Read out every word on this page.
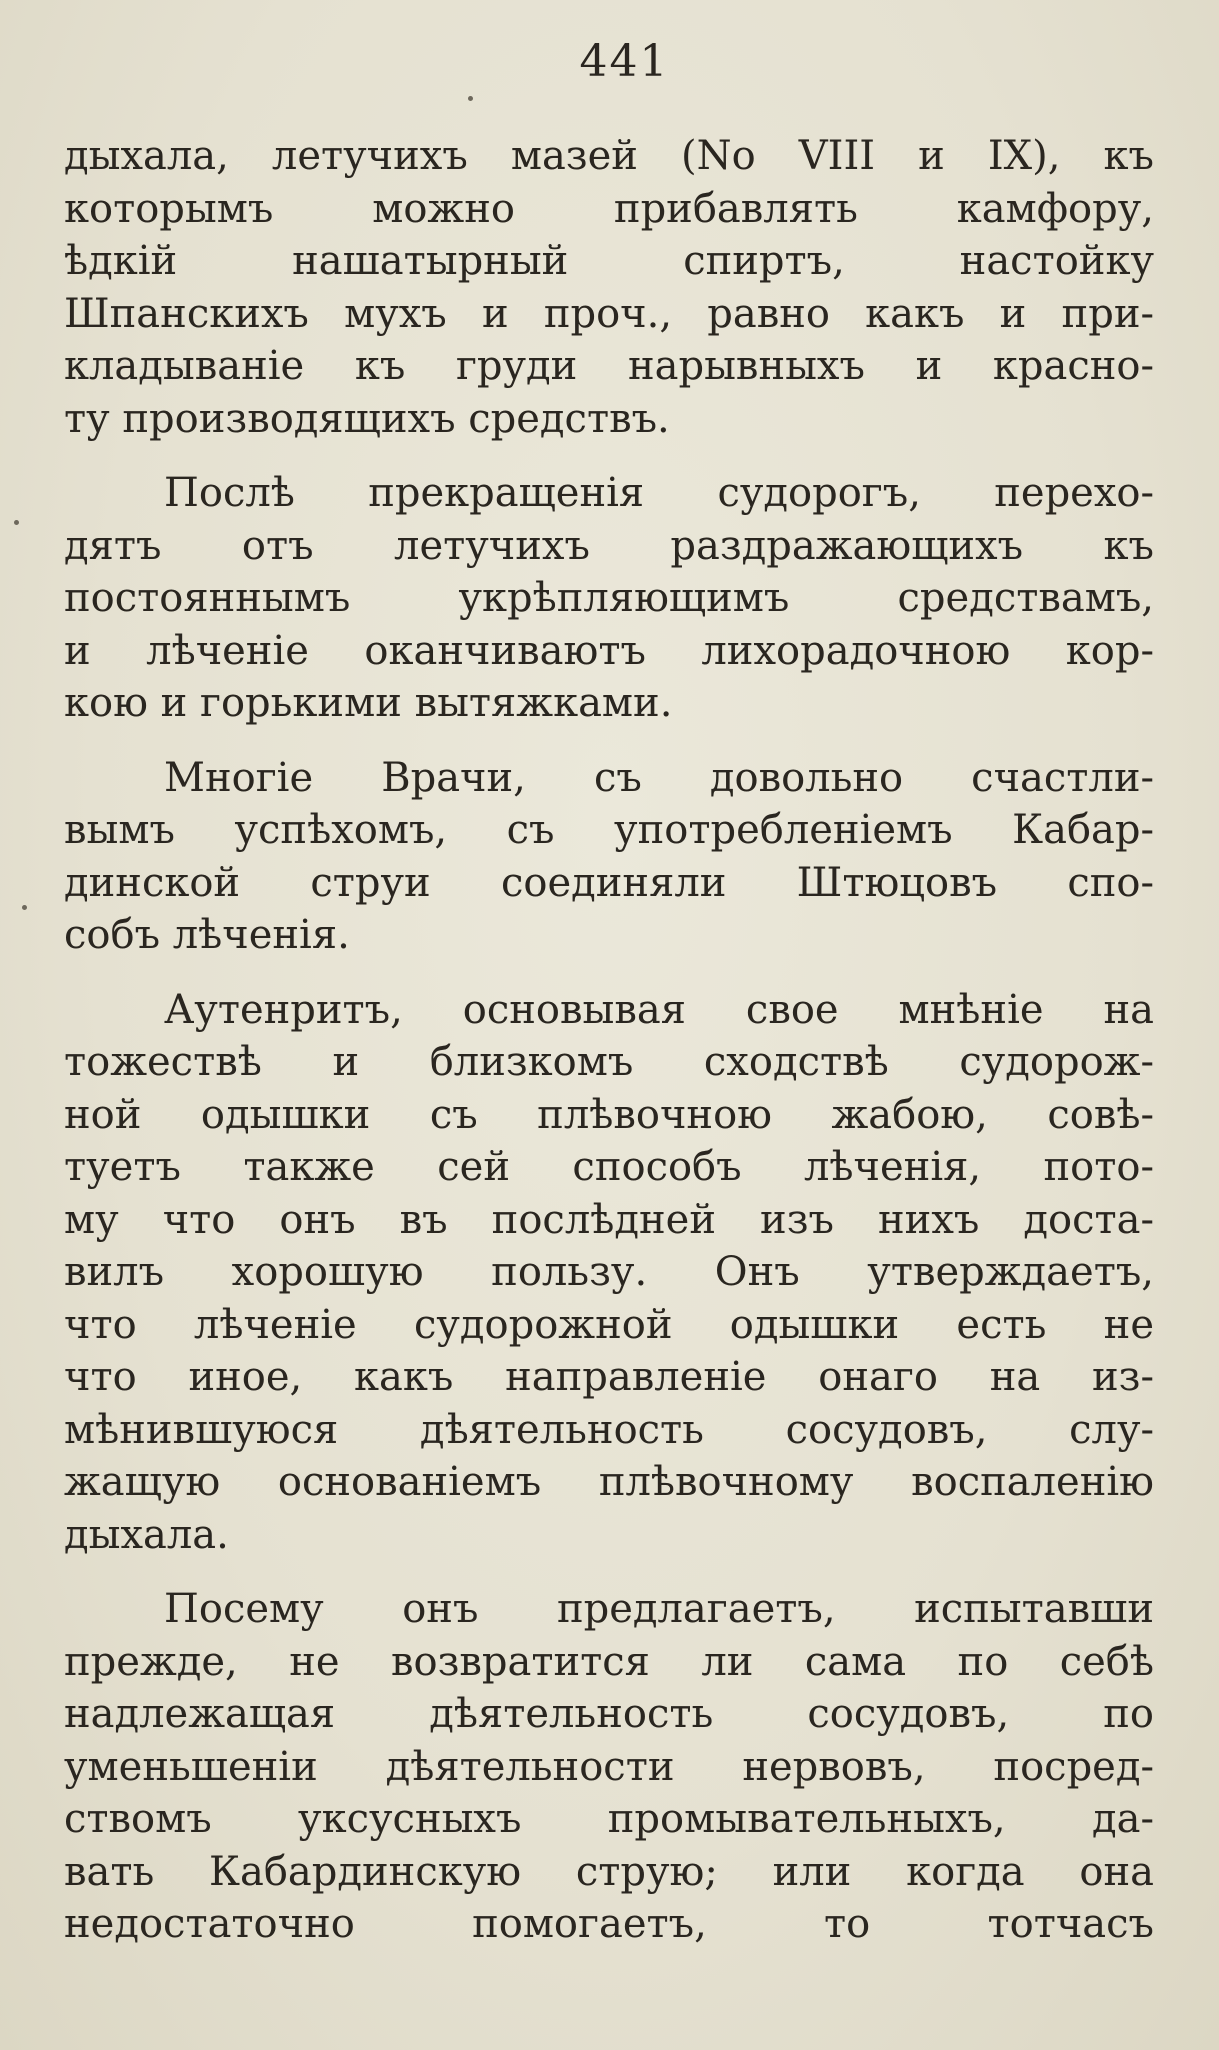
441
дыхала, летучихъ мазей (No VIII и IX), къ
которымъ можно прибавлять камфору,
ѣдкій нашатырный спиртъ, настойку
Шпанскихъ мухъ и проч., равно какъ и при-
кладываніе къ груди нарывныхъ и красно-
ту производящихъ средствъ.
Послѣ прекращенія судорогъ, перехо-
дятъ отъ летучихъ раздражающихъ къ
постояннымъ укрѣпляющимъ средствамъ,
и лѣченіе оканчиваютъ лихорадочною кор-
кою и горькими вытяжками.
Многіе Врачи, съ довольно счастли-
вымъ успѣхомъ, съ употребленіемъ Кабар-
динской струи соединяли Штюцовъ спо-
собъ лѣченія.
Аутенритъ, основывая свое мнѣніе на
тожествѣ и близкомъ сходствѣ судорож-
ной одышки съ плѣвочною жабою, совѣ-
туетъ также сей способъ лѣченія, пото-
му что онъ въ послѣдней изъ нихъ доста-
вилъ хорошую пользу. Онъ утверждаетъ,
что лѣченіе судорожной одышки есть не
что иное, какъ направленіе онаго на из-
мѣнившуюся дѣятельность сосудовъ, слу-
жащую основаніемъ плѣвочному воспаленію
дыхала.
Посему онъ предлагаетъ, испытавши
прежде, не возвратится ли сама по себѣ
надлежащая дѣятельность сосудовъ, по
уменьшеніи дѣятельности нервовъ, посред-
ствомъ уксусныхъ промывательныхъ, да-
вать Кабардинскую струю; или когда она
недостаточно помогаетъ, то тотчасъ
